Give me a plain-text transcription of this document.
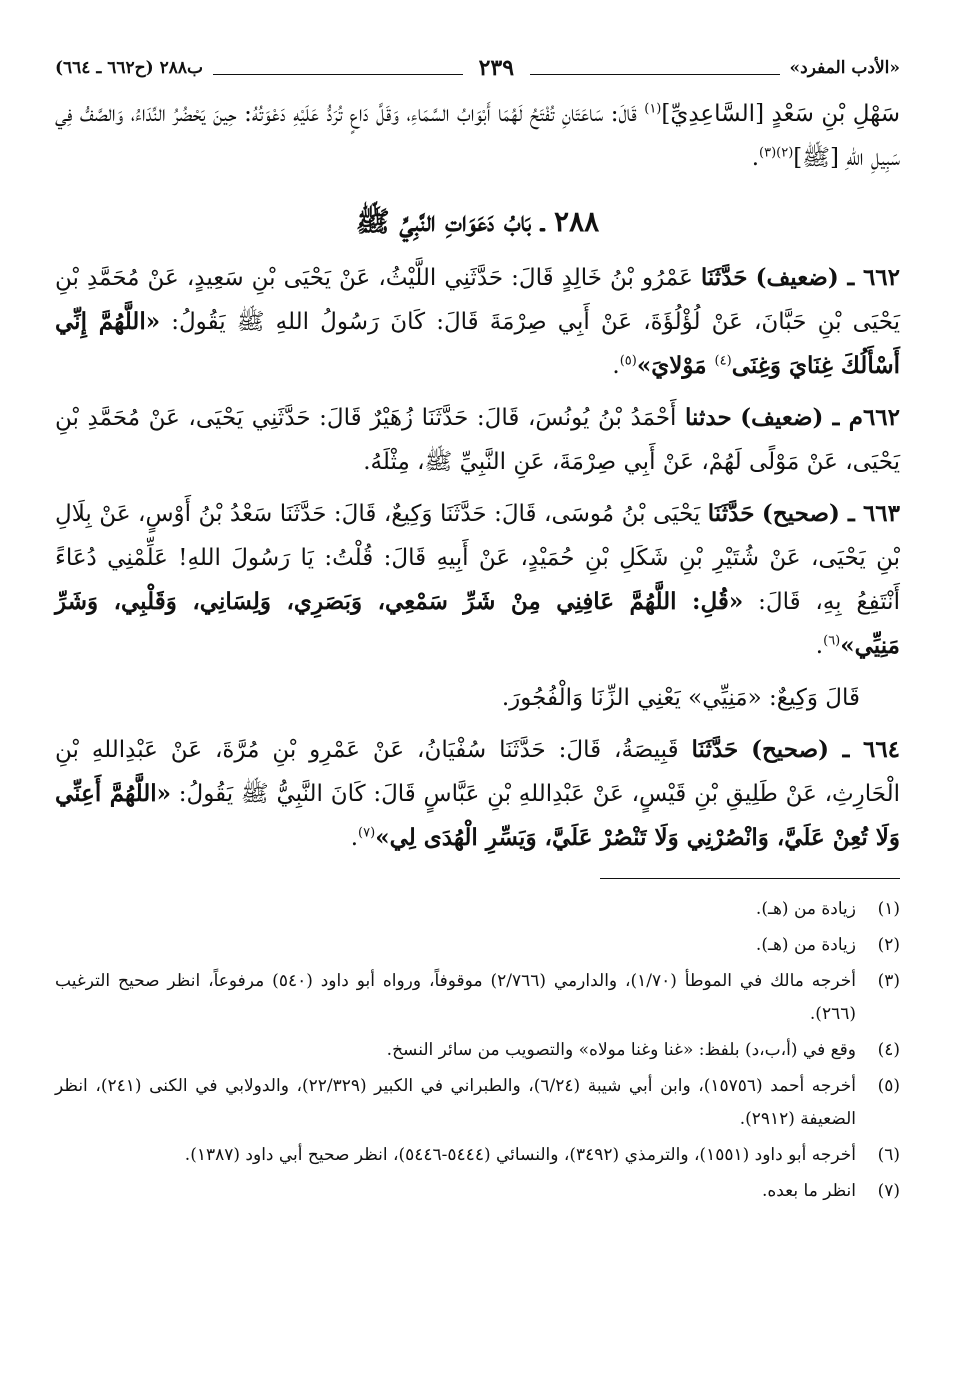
«الأدب المفرد»
٢٣٩
ب٢٨٨ (ح٦٦٢ ـ ٦٦٤)

سَهْلِ بْنِ سَعْدٍ [السَّاعِدِيِّ]$^{(١)}$ قَالَ: سَاعَتَانِ تُفْتَحُ لَهُمَا أَبْوَابُ السَّمَاءِ، وَقَلَّ دَاعٍ تُرَدُّ عَلَيْهِ دَعْوَتُهُ: حِينَ يَحْضُرُ النِّدَاءُ، وَالصَّفُّ فِي سَبِيلِ اللهِ [ﷺ]$^{(٢)(٣)}$.

٢٨٨ ـ بَابُ دَعَوَاتِ النَّبِيِّ ﷺ

٦٦٢ ـ (ضعيف) حَدَّثَنَا عَمْرُو بْنُ خَالِدٍ قَالَ: حَدَّثَنِي اللَّيْثُ، عَنْ يَحْيَى بْنِ سَعِيدٍ، عَنْ مُحَمَّدِ بْنِ يَحْيَى بْنِ حَبَّانَ، عَنْ لُؤْلُؤَةَ، عَنْ أَبِي صِرْمَةَ قَالَ: كَانَ رَسُولُ اللهِ ﷺ يَقُولُ: «اللَّهُمَّ إِنِّي أَسْأَلُكَ غِنَايَ وَغِنَى$^{(٤)}$ مَوْلايَ»$^{(٥)}$.

٦٦٢م ـ (ضعيف) حدثنا أَحْمَدُ بْنُ يُونُسَ، قَالَ: حَدَّثَنَا زُهَيْرٌ قَالَ: حَدَّثَنِي يَحْيَى، عَنْ مُحَمَّدِ بْنِ يَحْيَى، عَنْ مَوْلًى لَهُمْ، عَنْ أَبِي صِرْمَةَ، عَنِ النَّبِيِّ ﷺ، مِثْلَهُ.

٦٦٣ ـ (صحيح) حَدَّثَنَا يَحْيَى بْنُ مُوسَى، قَالَ: حَدَّثَنَا وَكِيعٌ، قَالَ: حَدَّثَنَا سَعْدُ بْنُ أَوْسٍ، عَنْ بِلَالِ بْنِ يَحْيَى، عَنْ شُتَيْرِ بْنِ شَكَلِ بْنِ حُمَيْدٍ، عَنْ أَبِيهِ قَالَ: قُلْتُ: يَا رَسُولَ اللهِ! عَلِّمْنِي دُعَاءً أَنْتَفِعُ بِهِ، قَالَ: «قُلِ: اللَّهُمَّ عَافِنِي مِنْ شَرِّ سَمْعِي، وَبَصَرِي، وَلِسَانِي، وَقَلْبِي، وَشَرِّ مَنِيِّي»$^{(٦)}$.

قَالَ وَكِيعٌ: «مَنِيِّي» يَعْنِي الزِّنَا وَالْفُجُورَ.

٦٦٤ ـ (صحيح) حَدَّثَنَا قَبِيصَةُ، قَالَ: حَدَّثَنَا سُفْيَانُ، عَنْ عَمْرِو بْنِ مُرَّةَ، عَنْ عَبْدِاللهِ بْنِ الْحَارِثِ، عَنْ طَلِيقِ بْنِ قَيْسٍ، عَنْ عَبْدِاللهِ بْنِ عَبَّاسٍ قَالَ: كَانَ النَّبِيُّ ﷺ يَقُولُ: «اللَّهُمَّ أَعِنِّي وَلَا تُعِنْ عَلَيَّ، وَانْصُرْنِي وَلَا تَنْصُرْ عَلَيَّ، وَيَسِّرِ الْهُدَى لِي»$^{(٧)}$.

(١)
زيادة من (هـ).
(٢)
زيادة من (هـ).
(٣)
أخرجه مالك في الموطأ (١/٧٠)، والدارمي (٢/٧٦٦) موقوفاً، ورواه أبو داود (٥٤٠) مرفوعاً، انظر صحيح الترغيب (٢٦٦).
(٤)
وقع في (أ،ب،د) بلفظ: «غنا وغنا مولاه» والتصويب من سائر النسخ.
(٥)
أخرجه أحمد (١٥٧٥٦)، وابن أبي شيبة (٦/٢٤)، والطبراني في الكبير (٢٢/٣٢٩)، والدولابي في الكنى (٢٤١)، انظر الضعيفة (٢٩١٢).
(٦)
أخرجه أبو داود (١٥٥١)، والترمذي (٣٤٩٢)، والنسائي (٥٤٤٤-٥٤٤٦)، انظر صحيح أبي داود (١٣٨٧).
(٧)
انظر ما بعده.
